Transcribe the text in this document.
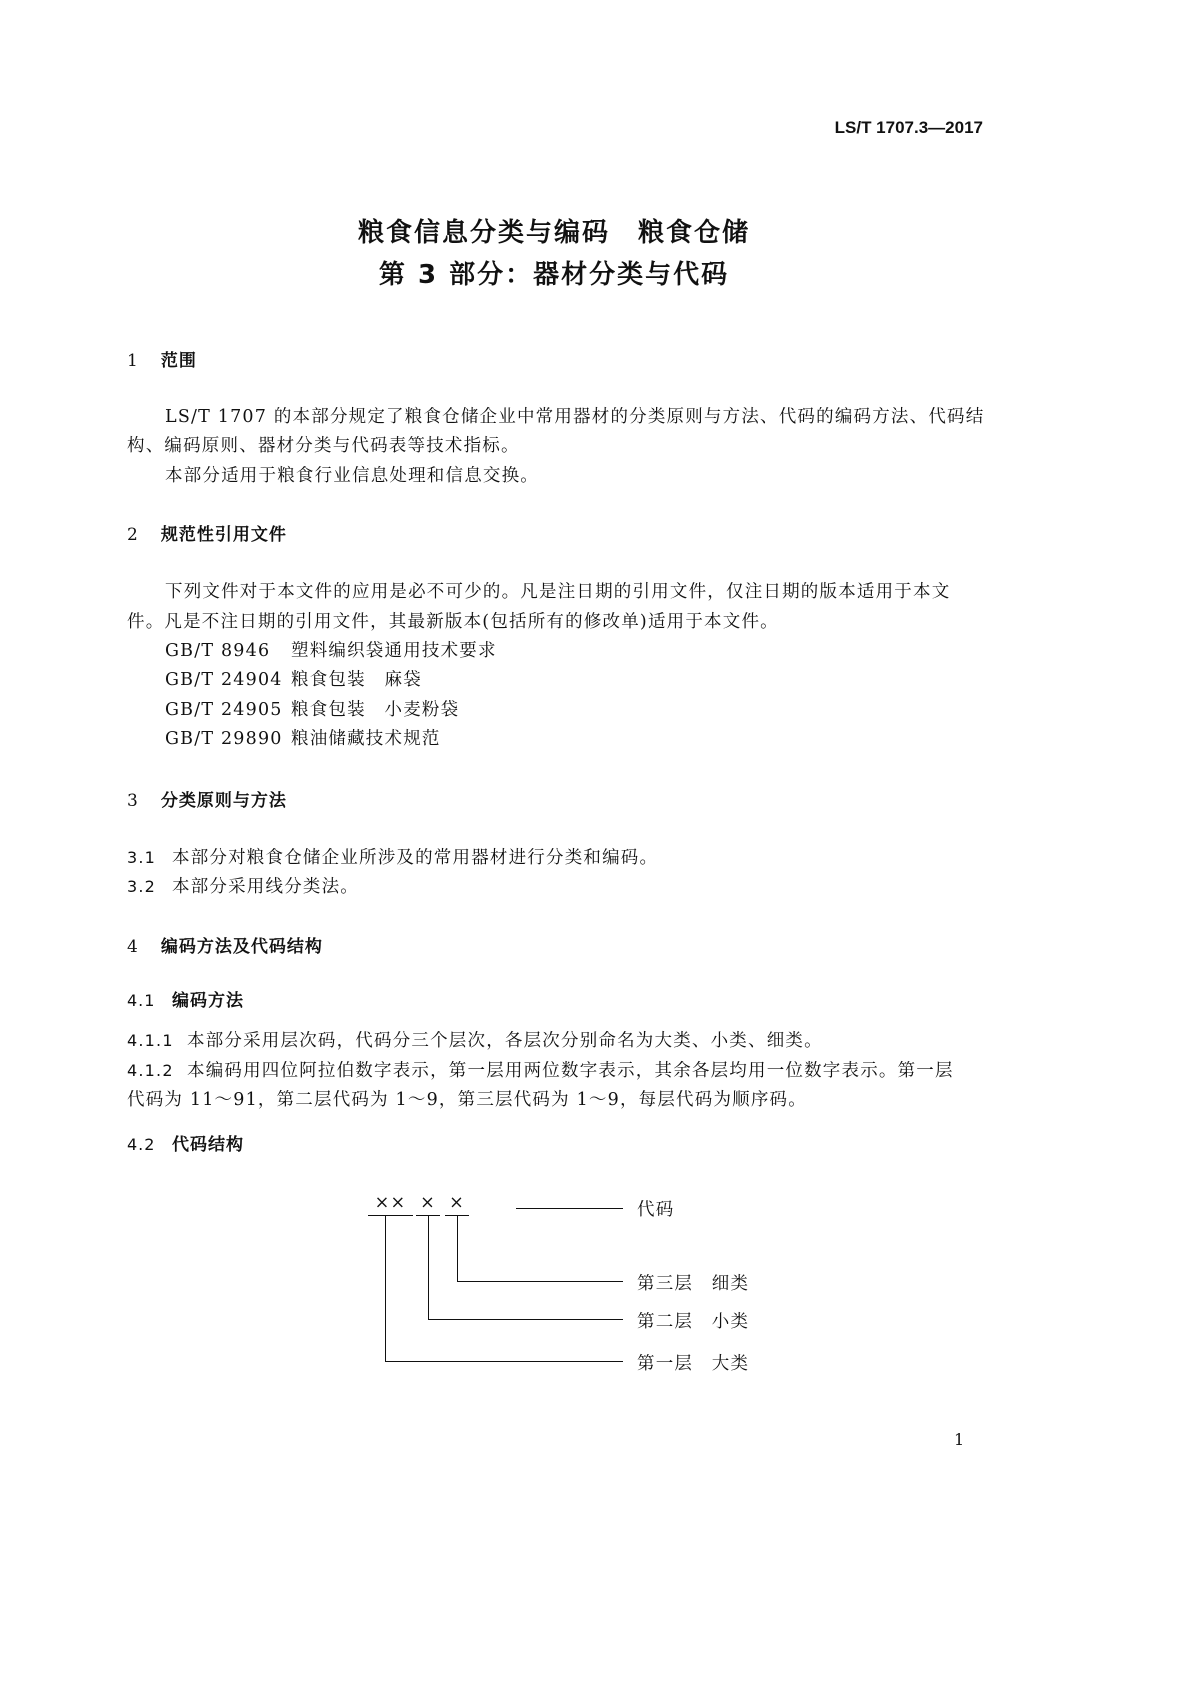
LS/T 1707.3—2017
粮食信息分类与编码　粮食仓储
第 3 部分：器材分类与代码
1 范围
LS/T 1707 的本部分规定了粮食仓储企业中常用器材的分类原则与方法、代码的编码方法、代码结
构、编码原则、器材分类与代码表等技术指标。
本部分适用于粮食行业信息处理和信息交换。
2 规范性引用文件
下列文件对于本文件的应用是必不可少的。凡是注日期的引用文件，仅注日期的版本适用于本文
件。凡是不注日期的引用文件，其最新版本(包括所有的修改单)适用于本文件。
GB/T 8946 塑料编织袋通用技术要求
GB/T 24904 粮食包装　麻袋
GB/T 24905 粮食包装　小麦粉袋
GB/T 29890 粮油储藏技术规范
3 分类原则与方法
3.1 本部分对粮食仓储企业所涉及的常用器材进行分类和编码。
3.2 本部分采用线分类法。
4 编码方法及代码结构
4.1 编码方法
4.1.1 本部分采用层次码，代码分三个层次，各层次分别命名为大类、小类、细类。
4.1.2 本编码用四位阿拉伯数字表示，第一层用两位数字表示，其余各层均用一位数字表示。第一层
代码为 11～91，第二层代码为 1～9，第三层代码为 1～9，每层代码为顺序码。
4.2 代码结构
×× × ×	代码
第三层　细类
第二层　小类
第一层　大类
1
